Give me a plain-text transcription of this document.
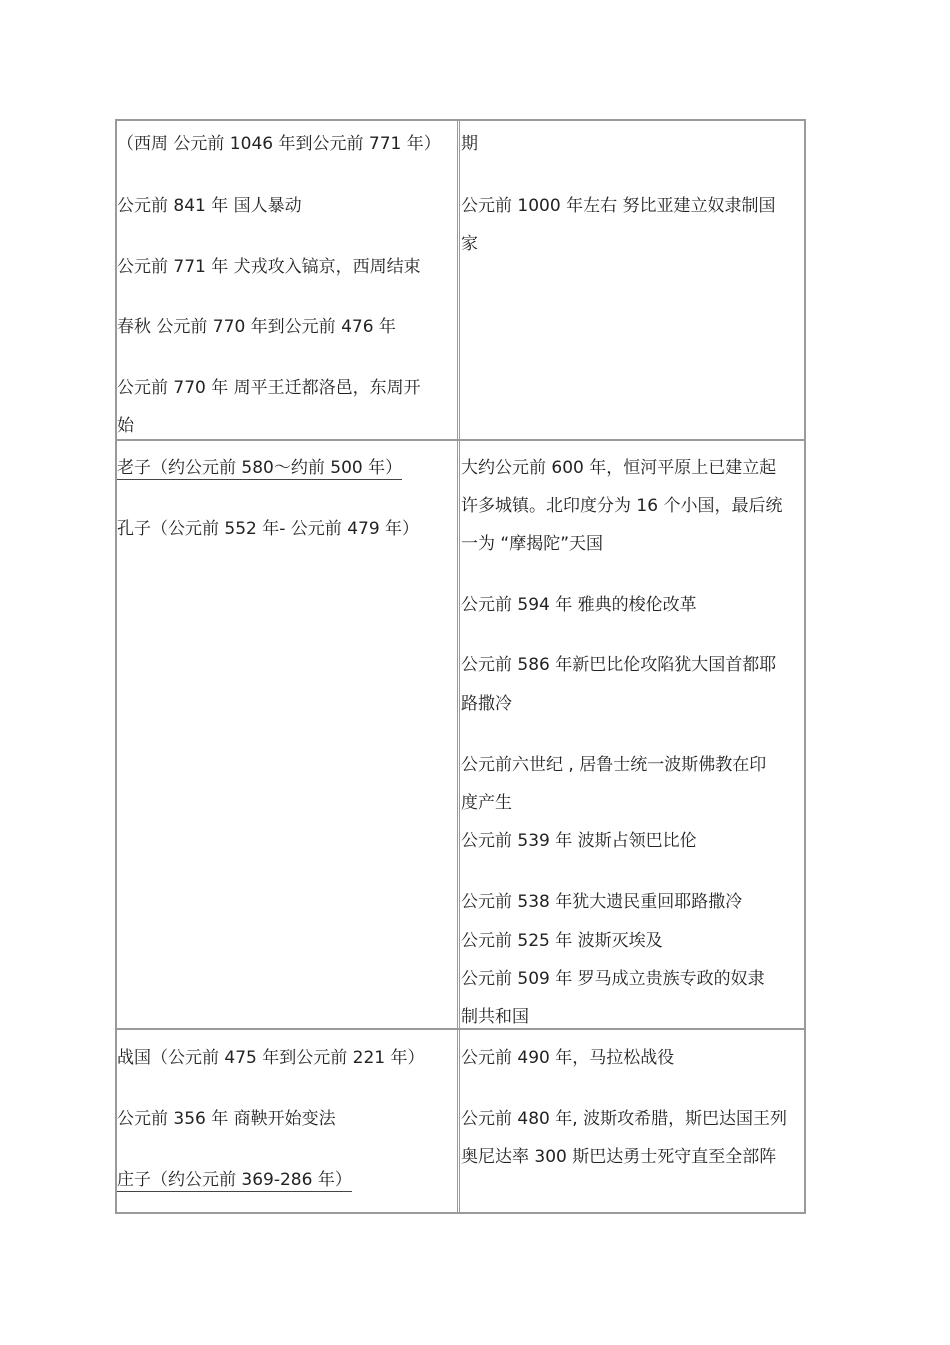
（西周 公元前 1046 年到公元前 771 年）
公元前 841 年 国人暴动
公元前 771 年 犬戎攻入镐京，西周结束
春秋 公元前 770 年到公元前 476 年
公元前 770 年 周平王迁都洛邑，东周开
始
期
公元前 1000 年左右 努比亚建立奴隶制国
家
老子（约公元前 580～约前 500 年）
孔子（公元前 552 年- 公元前 479 年）
大约公元前 600 年，恒河平原上已建立起
许多城镇。北印度分为 16 个小国，最后统
一为 “摩揭陀”天国
公元前 594 年 雅典的梭伦改革
公元前 586 年新巴比伦攻陷犹大国首都耶
路撒冷
公元前六世纪 , 居鲁士统一波斯佛教在印
度产生
公元前 539 年 波斯占领巴比伦
公元前 538 年犹大遗民重回耶路撒冷
公元前 525 年 波斯灭埃及
公元前 509 年 罗马成立贵族专政的奴隶
制共和国
战国（公元前 475 年到公元前 221 年）
公元前 356 年 商鞅开始变法
庄子（约公元前 369-286 年）
公元前 490 年，马拉松战役
公元前 480 年, 波斯攻希腊，斯巴达国王列
奥尼达率 300 斯巴达勇士死守直至全部阵
